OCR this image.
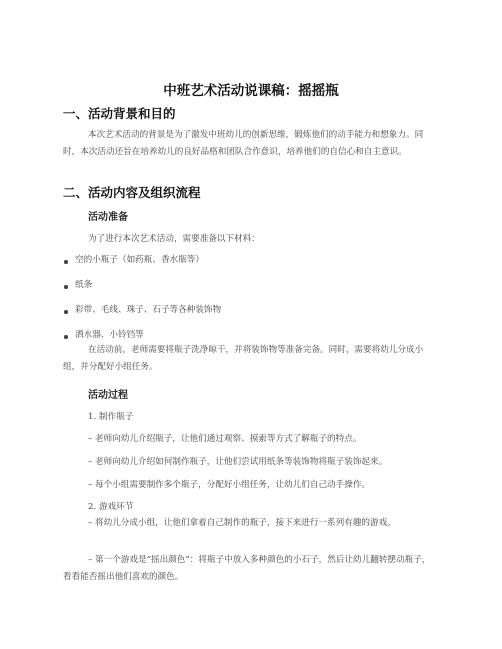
中班艺术活动说课稿：摇摇瓶
一、活动背景和目的
本次艺术活动的背景是为了激发中班幼儿的创新思维，锻炼他们的动手能力和想象力。同时，本次活动还旨在培养幼儿的良好品格和团队合作意识，培养他们的自信心和自主意识。
二、活动内容及组织流程
活动准备
为了进行本次艺术活动，需要准备以下材料：
空的小瓶子（如药瓶、香水瓶等）
纸条
彩带、毛线、珠子、石子等各种装饰物
洒水器、小铃铛等
在活动前，老师需要将瓶子洗净晾干，并将装饰物等准备完备。同时，需要将幼儿分成小组，并分配好小组任务。
活动过程
1. 制作瓶子
– 老师向幼儿介绍瓶子，让他们通过观察、摸索等方式了解瓶子的特点。
– 老师向幼儿介绍如何制作瓶子，让他们尝试用纸条等装饰物将瓶子装饰起来。
– 每个小组需要制作多个瓶子，分配好小组任务，让幼儿们自己动手操作。
2. 游戏环节
– 将幼儿分成小组，让他们拿着自己制作的瓶子，接下来进行一系列有趣的游戏。
– 第一个游戏是“摇出颜色”：将瓶子中放入多种颜色的小石子，然后让幼儿翻转摆动瓶子，看看能否摇出他们喜欢的颜色。
